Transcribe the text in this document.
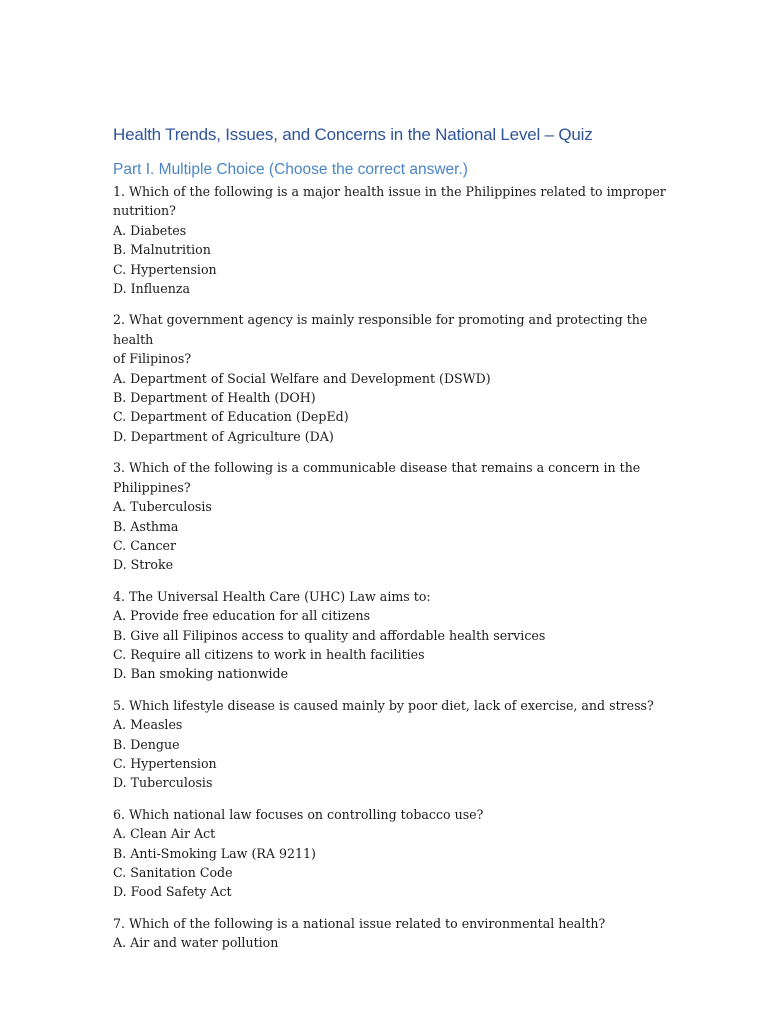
Health Trends, Issues, and Concerns in the National Level – Quiz
Part I. Multiple Choice (Choose the correct answer.)
1. Which of the following is a major health issue in the Philippines related to improper
nutrition?
A. Diabetes
B. Malnutrition
C. Hypertension
D. Influenza
2. What government agency is mainly responsible for promoting and protecting the health
of Filipinos?
A. Department of Social Welfare and Development (DSWD)
B. Department of Health (DOH)
C. Department of Education (DepEd)
D. Department of Agriculture (DA)
3. Which of the following is a communicable disease that remains a concern in the
Philippines?
A. Tuberculosis
B. Asthma
C. Cancer
D. Stroke
4. The Universal Health Care (UHC) Law aims to:
A. Provide free education for all citizens
B. Give all Filipinos access to quality and affordable health services
C. Require all citizens to work in health facilities
D. Ban smoking nationwide
5. Which lifestyle disease is caused mainly by poor diet, lack of exercise, and stress?
A. Measles
B. Dengue
C. Hypertension
D. Tuberculosis
6. Which national law focuses on controlling tobacco use?
A. Clean Air Act
B. Anti-Smoking Law (RA 9211)
C. Sanitation Code
D. Food Safety Act
7. Which of the following is a national issue related to environmental health?
A. Air and water pollution
